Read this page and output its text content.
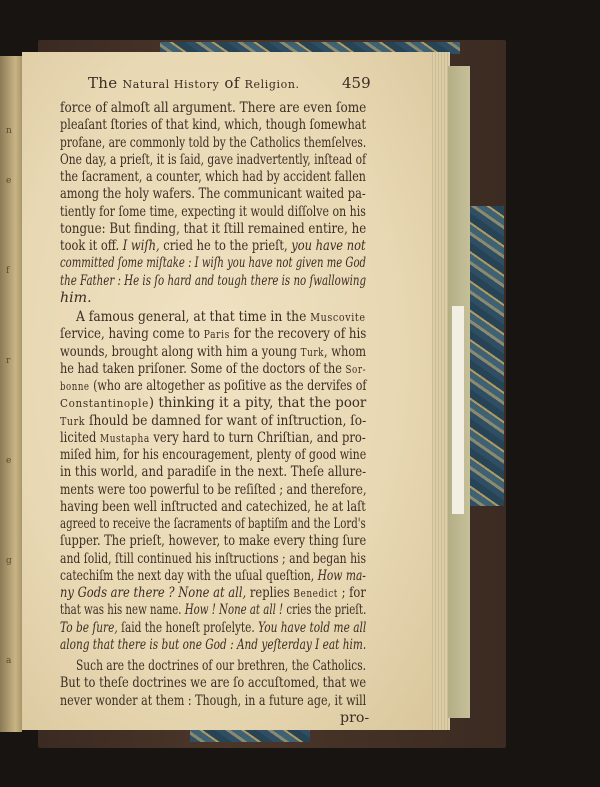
n
e
f
r
e
g
a
The Natural History of Religion.	459
force of almoſt all argument. There are even ſome
pleaſant ſtories of that kind, which, though ſomewhat
profane, are commonly told by the Catholics themſelves.
One day, a prieſt, it is ſaid, gave inadvertently, inſtead of
the ſacrament, a counter, which had by accident fallen
among the holy wafers. The communicant waited pa-
tiently for ſome time, expecting it would diſſolve on his
tongue: But finding, that it ſtill remained entire, he
took it off. I wiſh, cried he to the prieſt, you have not
committed ſome miſtake : I wiſh you have not given me God
the Father : He is ſo hard and tough there is no ſwallowing
him.
A famous general, at that time in the Muscovite
ſervice, having come to Paris for the recovery of his
wounds, brought along with him a young Turk, whom
he had taken priſoner. Some of the doctors of the Sor-
bonne (who are altogether as poſitive as the dervifes of
Constantinople) thinking it a pity, that the poor
Turk ſhould be damned for want of inſtruction, ſo-
licited Mustapha very hard to turn Chriſtian, and pro-
miſed him, for his encouragement, plenty of good wine
in this world, and paradiſe in the next. Theſe allure-
ments were too powerful to be reſiſted ; and therefore,
having been well inſtructed and catechized, he at laſt
agreed to receive the ſacraments of baptiſm and the Lord's
ſupper. The prieſt, however, to make every thing ſure
and ſolid, ſtill continued his inſtructions ; and began his
catechiſm the next day with the uſual queſtion, How ma-
ny Gods are there ? None at all, replies Benedict ; for
that was his new name. How ! None at all ! cries the prieſt.
To be ſure, ſaid the honeſt proſelyte. You have told me all
along that there is but one God : And yeſterday I eat him.
Such are the doctrines of our brethren, the Catholics.
But to theſe doctrines we are ſo accuſtomed, that we
never wonder at them : Though, in a future age, it will
pro-
